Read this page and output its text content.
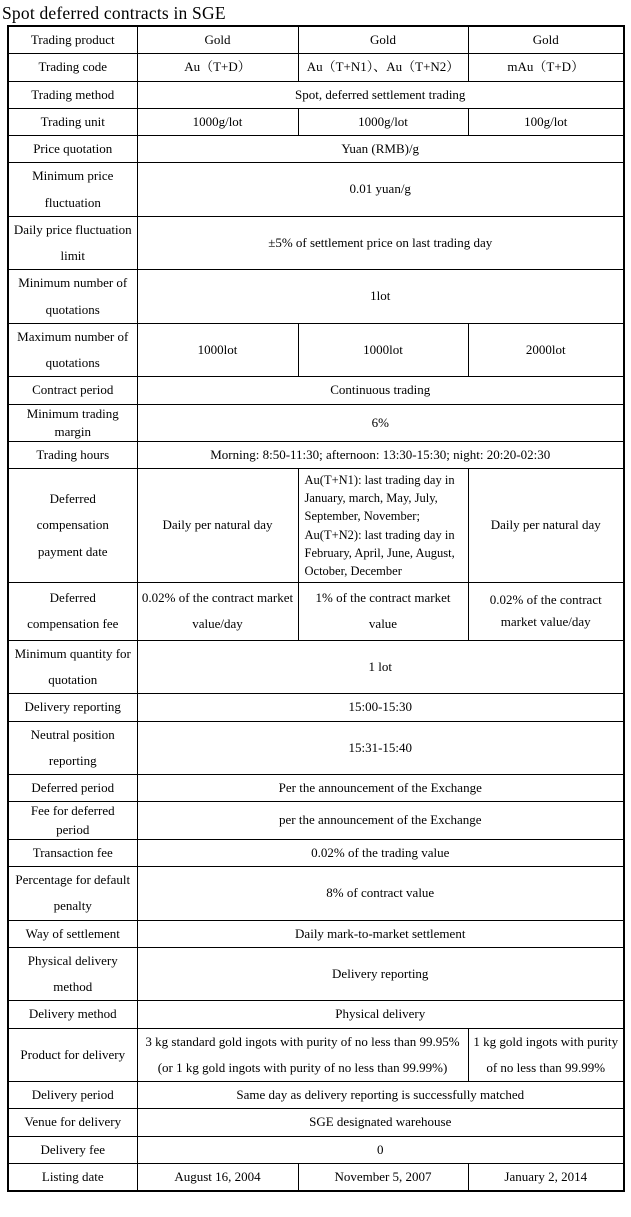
Spot deferred contracts in SGE
Trading product	Gold	Gold	Gold
Trading code	Au（T+D）	Au（T+N1）、Au（T+N2）	mAu（T+D）
Trading method	Spot, deferred settlement trading		
Trading unit	1000g/lot	1000g/lot	100g/lot
Price quotation	Yuan (RMB)/g		
Minimum price fluctuation	0.01 yuan/g		
Daily price fluctuation limit	±5% of settlement price on last trading day		
Minimum number of quotations	1lot		
Maximum number of quotations	1000lot	1000lot	2000lot
Contract period	Continuous trading		
Minimum trading margin	6%		
Trading hours	Morning: 8:50-11:30; afternoon: 13:30-15:30; night: 20:20-02:30		
Deferred compensation payment date	Daily per natural day	Au(T+N1): last trading day in January, march, May, July, September, November; Au(T+N2): last trading day in February, April, June, August, October, December	Daily per natural day
Deferred compensation fee	0.02% of the contract market value/day	1% of the contract market value	0.02% of the contract market value/day
Minimum quantity for quotation	1 lot		
Delivery reporting	15:00-15:30		
Neutral position reporting	15:31-15:40		
Deferred period	Per the announcement of the Exchange		
Fee for deferred period	per the announcement of the Exchange		
Transaction fee	0.02% of the trading value		
Percentage for default penalty	8% of contract value		
Way of settlement	Daily mark-to-market settlement		
Physical delivery method	Delivery reporting		
Delivery method	Physical delivery		
Product for delivery	3 kg standard gold ingots with purity of no less than 99.95% (or 1 kg gold ingots with purity of no less than 99.99%)		1 kg gold ingots with purity of no less than 99.99%
Delivery period	Same day as delivery reporting is successfully matched		
Venue for delivery	SGE designated warehouse		
Delivery fee	0		
Listing date	August 16, 2004	November 5, 2007	January 2, 2014
